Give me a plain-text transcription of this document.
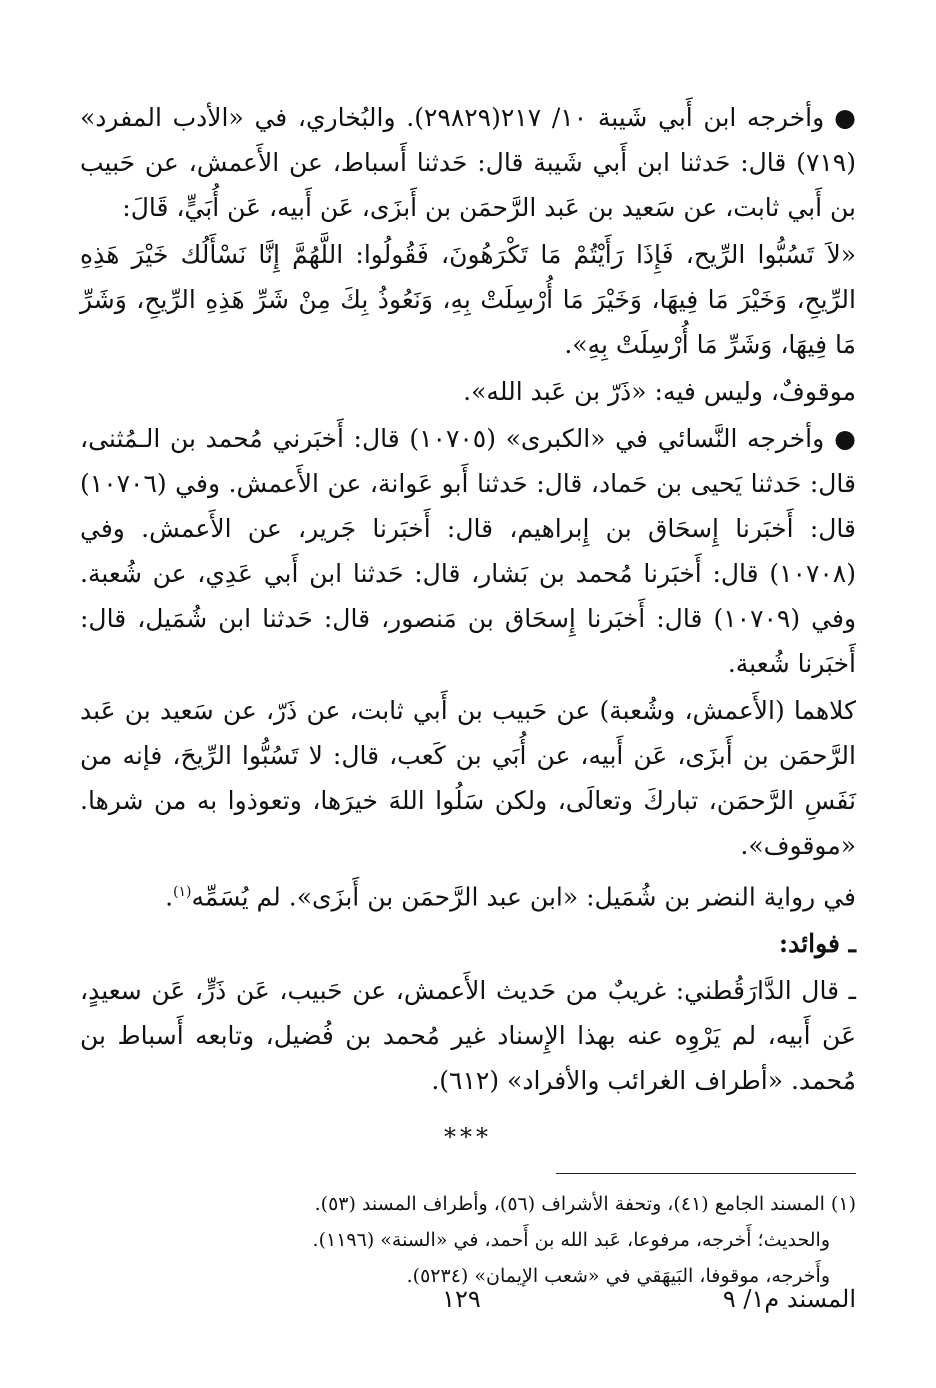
●وأخرجه ابن أَبي شَيبة ١٠/ ٢١٧(٢٩٨٢٩). والبُخاري، في «الأدب المفرد» (٧١٩) قال: حَدثنا ابن أَبي شَيبة قال: حَدثنا أَسباط، عن الأَعمش، عن حَبيب بن أَبي ثابت، عن سَعيد بن عَبد الرَّحمَن بن أَبزَى، عَن أَبيه، عَن أُبَيٍّ، قَالَ:

«لاَ تَسُبُّوا الرِّيح، فَإِذَا رَأَيْتُمْ مَا تَكْرَهُونَ، فَقُولُوا: اللَّهُمَّ إِنَّا نَسْأَلُك خَيْرَ هَذِهِ الرِّيحِ، وَخَيْرَ مَا فِيهَا، وَخَيْرَ مَا أُرْسِلَتْ بِهِ، وَنَعُوذُ بِكَ مِنْ شَرِّ هَذِهِ الرِّيحِ، وَشَرِّ مَا فِيهَا، وَشَرِّ مَا أُرْسِلَتْ بِهِ».

موقوفٌ، وليس فيه: «ذَرّ بن عَبد الله».

●وأخرجه النَّسائي في «الكبرى» (١٠٧٠٥) قال: أَخبَرني مُحمد بن الـمُثنى، قال: حَدثنا يَحيى بن حَماد، قال: حَدثنا أَبو عَوانة، عن الأَعمش. وفي (١٠٧٠٦) قال: أَخبَرنا إِسحَاق بن إِبراهيم، قال: أَخبَرنا جَرير، عن الأَعمش. وفي (١٠٧٠٨) قال: أَخبَرنا مُحمد بن بَشار، قال: حَدثنا ابن أَبي عَدِي، عن شُعبة. وفي (١٠٧٠٩) قال: أَخبَرنا إِسحَاق بن مَنصور، قال: حَدثنا ابن شُمَيل، قال: أَخبَرنا شُعبة.

كلاهما (الأَعمش، وشُعبة) عن حَبيب بن أَبي ثابت، عن ذَرّ، عن سَعيد بن عَبد الرَّحمَن بن أَبزَى، عَن أَبيه، عن أُبَي بن كَعب، قال: لا تَسُبُّوا الرِّيحَ، فإنه من نَفَسِ الرَّحمَن، تباركَ وتعالَى، ولكن سَلُوا اللهَ خيرَها، وتعوذوا به من شرها. «موقوف».

في رواية النضر بن شُمَيل: «ابن عبد الرَّحمَن بن أَبزَى». لم يُسَمِّه$^{(١)}$.

ـ فوائد:

ـ قال الدَّارَقُطني: غريبٌ من حَديث الأَعمش، عن حَبيب، عَن ذَرٍّ، عَن سعيدٍ، عَن أَبيه، لم يَرْوِه عنه بهذا الإِسناد غير مُحمد بن فُضيل، وتابعه أَسباط بن مُحمد. «أطراف الغرائب والأفراد» (٦١٢).

***

(١) المسند الجامع (٤١)، وتحفة الأشراف (٥٦)، وأطراف المسند (٥٣).

والحديث؛ أَخرجه، مرفوعا، عَبد الله بن أَحمد، في «السنة» (١١٩٦).

وأَخرجه، موقوفا، البَيهَقي في «شعب الإيمان» (٥٢٣٤).

المسند م١/ ٩
١٢٩
